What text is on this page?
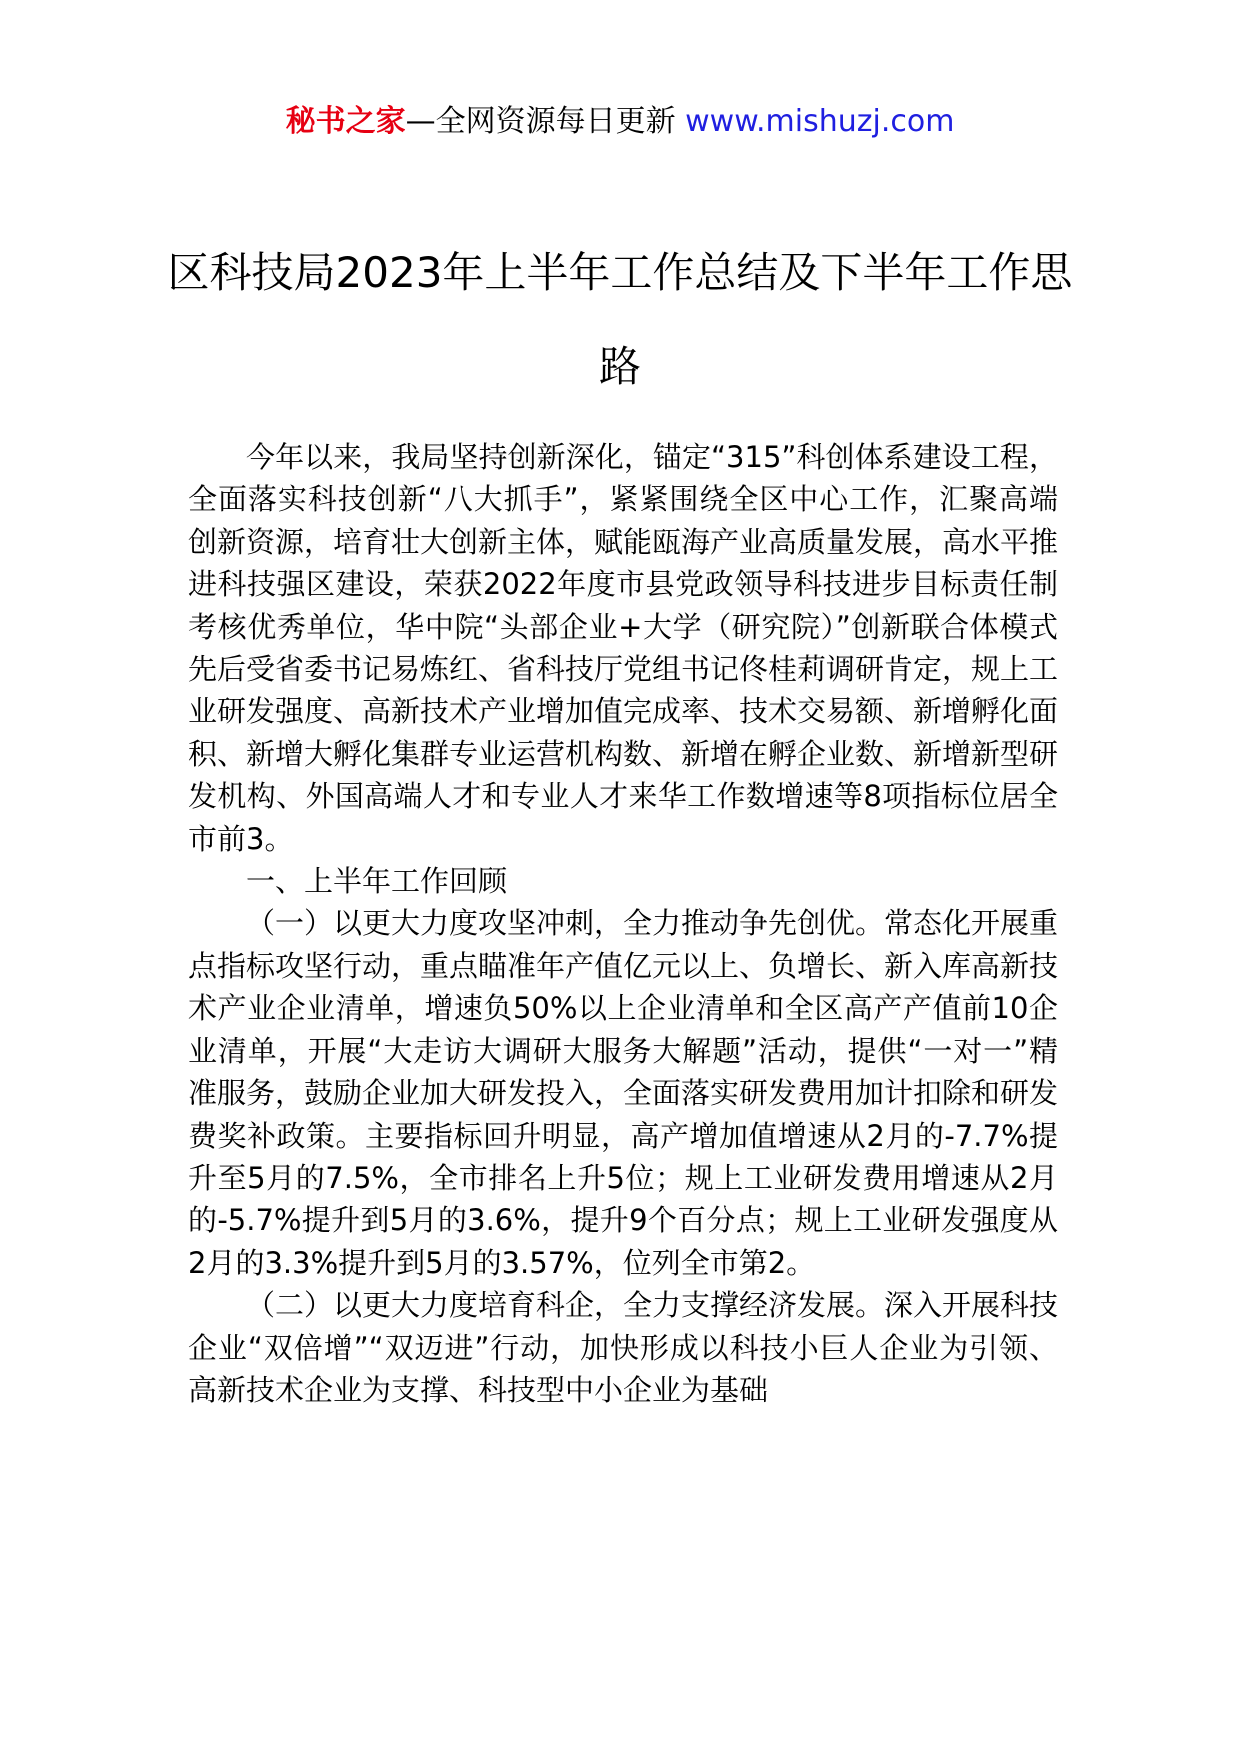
秘书之家—全网资源每日更新 www.mishuzj.com
区科技局2023年上半年工作总结及下半年工作思路

今年以来，我局坚持创新深化，锚定“315”科创体系建设工程，全面落实科技创新“八大抓手”，紧紧围绕全区中心工作，汇聚高端创新资源，培育壮大创新主体，赋能瓯海产业高质量发展，高水平推进科技强区建设，荣获2022年度市县党政领导科技进步目标责任制考核优秀单位，华中院“头部企业+大学（研究院）”创新联合体模式先后受省委书记易炼红、省科技厅党组书记佟桂莉调研肯定，规上工业研发强度、高新技术产业增加值完成率、技术交易额、新增孵化面积、新增大孵化集群专业运营机构数、新增在孵企业数、新增新型研发机构、外国高端人才和专业人才来华工作数增速等8项指标位居全市前3。

一、上半年工作回顾

（一）以更大力度攻坚冲刺，全力推动争先创优。常态化开展重点指标攻坚行动，重点瞄准年产值亿元以上、负增长、新入库高新技术产业企业清单，增速负50%以上企业清单和全区高产产值前10企业清单，开展“大走访大调研大服务大解题”活动，提供“一对一”精准服务，鼓励企业加大研发投入，全面落实研发费用加计扣除和研发费奖补政策。主要指标回升明显，高产增加值增速从2月的-7.7%提升至5月的7.5%，全市排名上升5位；规上工业研发费用增速从2月的-5.7%提升到5月的3.6%，提升9个百分点；规上工业研发强度从2月的3.3%提升到5月的3.57%，位列全市第2。

（二）以更大力度培育科企，全力支撑经济发展。深入开展科技企业“双倍增”“双迈进”行动，加快形成以科技小巨人企业为引领、高新技术企业为支撑、科技型中小企业为基础
